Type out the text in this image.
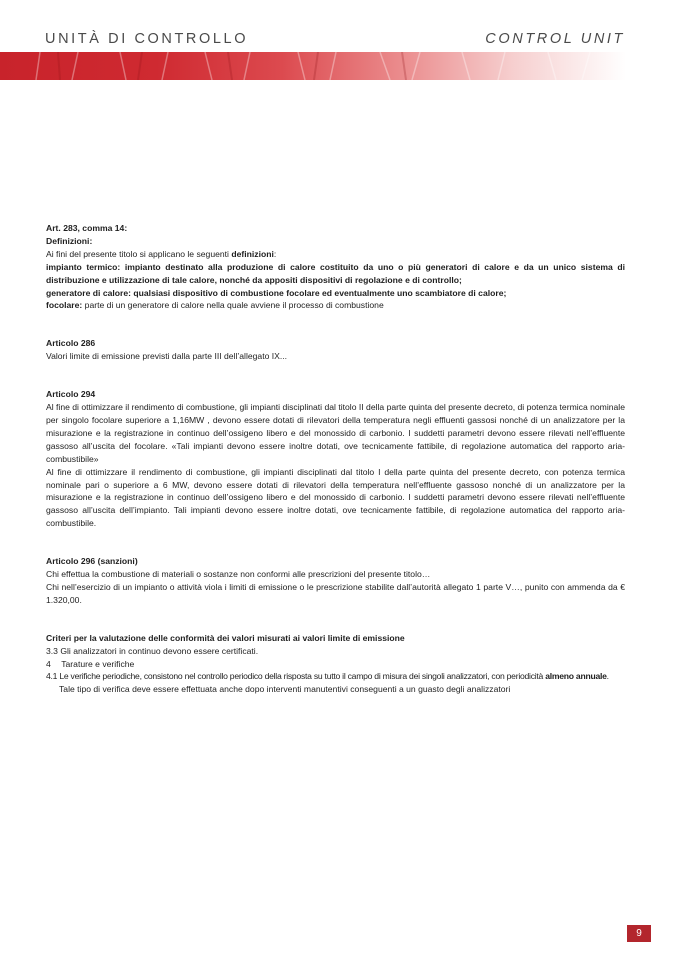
UNITÀ DI CONTROLLO	CONTROL UNIT

Art. 283, comma 14:

Definizioni:

Ai fini del presente titolo si applicano le seguenti definizioni:

impianto termico: impianto destinato alla produzione di calore costituito da uno o più generatori di calore e da un unico sistema di distribuzione e utilizzazione di tale calore, nonché da appositi dispositivi di regolazione e di controllo;

generatore di calore: qualsiasi dispositivo di combustione focolare ed eventualmente uno scambiatore di calore;

focolare: parte di un generatore di calore nella quale avviene il processo di combustione

Articolo 286

Valori limite di emissione previsti dalla parte III dell’allegato IX...

Articolo 294

Al fine di ottimizzare il rendimento di combustione, gli impianti disciplinati dal titolo II della parte quinta del presente decreto, di potenza termica nominale per singolo focolare superiore a 1,16MW , devono essere dotati di rilevatori della temperatura negli effluenti gassosi nonché di un analizzatore per la misurazione e la registrazione in continuo dell’ossigeno libero e del monossido di carbonio. I suddetti parametri devono essere rilevati nell’effluente gassoso all’uscita del focolare. «Tali impianti devono essere inoltre dotati, ove tecnicamente fattibile, di regolazione automatica del rapporto aria-combustibile»

Al fine di ottimizzare il rendimento di combustione, gli impianti disciplinati dal titolo I della parte quinta del presente decreto, con potenza termica nominale pari o superiore a 6 MW, devono essere dotati di rilevatori della temperatura nell’effluente gassoso nonché di un analizzatore per la misurazione e la registrazione in continuo dell’ossigeno libero e del monossido di carbonio. I suddetti parametri devono essere rilevati nell’effluente gassoso all’uscita dell’impianto. Tali impianti devono essere inoltre dotati, ove tecnicamente fattibile, di regolazione automatica del rapporto aria-combustibile.

Articolo 296 (sanzioni)

Chi effettua la combustione di materiali o sostanze non conformi alle prescrizioni del presente titolo…

Chi nell’esercizio di un impianto o attività viola i limiti di emissione o le prescrizione stabilite dall’autorità allegato 1 parte V…, punito con ammenda da € 1.320,00.

Criteri per la valutazione delle conformità dei valori misurati ai valori limite di emissione

3.3 Gli analizzatori in continuo devono essere certificati.

4 Tarature e verifiche

4.1 Le verifiche periodiche, consistono nel controllo periodico della risposta su tutto il campo di misura dei singoli analizzatori, con periodicità almeno annuale.

Tale tipo di verifica deve essere effettuata anche dopo interventi manutentivi conseguenti a un guasto degli analizzatori

9
